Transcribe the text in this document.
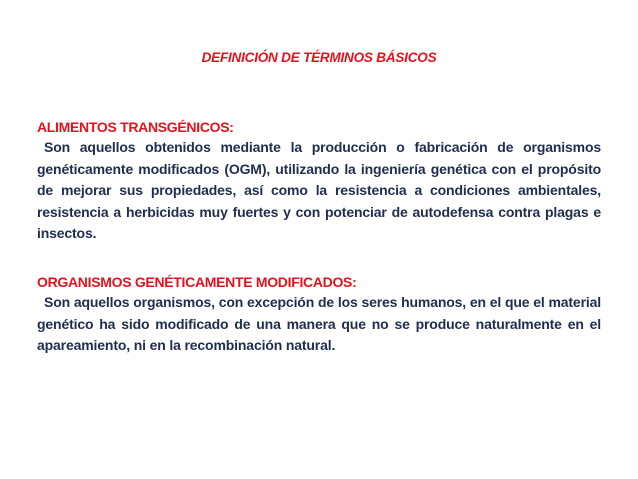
DEFINICIÓN DE TÉRMINOS BÁSICOS

ALIMENTOS TRANSGÉNICOS:

Son aquellos obtenidos mediante la producción o fabricación de organismos genéticamente modificados (OGM), utilizando la ingeniería genética con el propósito de mejorar sus propiedades, así como la resistencia a condiciones ambientales, resistencia a herbicidas muy fuertes y con potenciar de autodefensa contra plagas e insectos.

ORGANISMOS GENÉTICAMENTE MODIFICADOS:

Son aquellos organismos, con excepción de los seres humanos, en el que el material genético ha sido modificado de una manera que no se produce naturalmente en el apareamiento, ni en la recombinación natural.
